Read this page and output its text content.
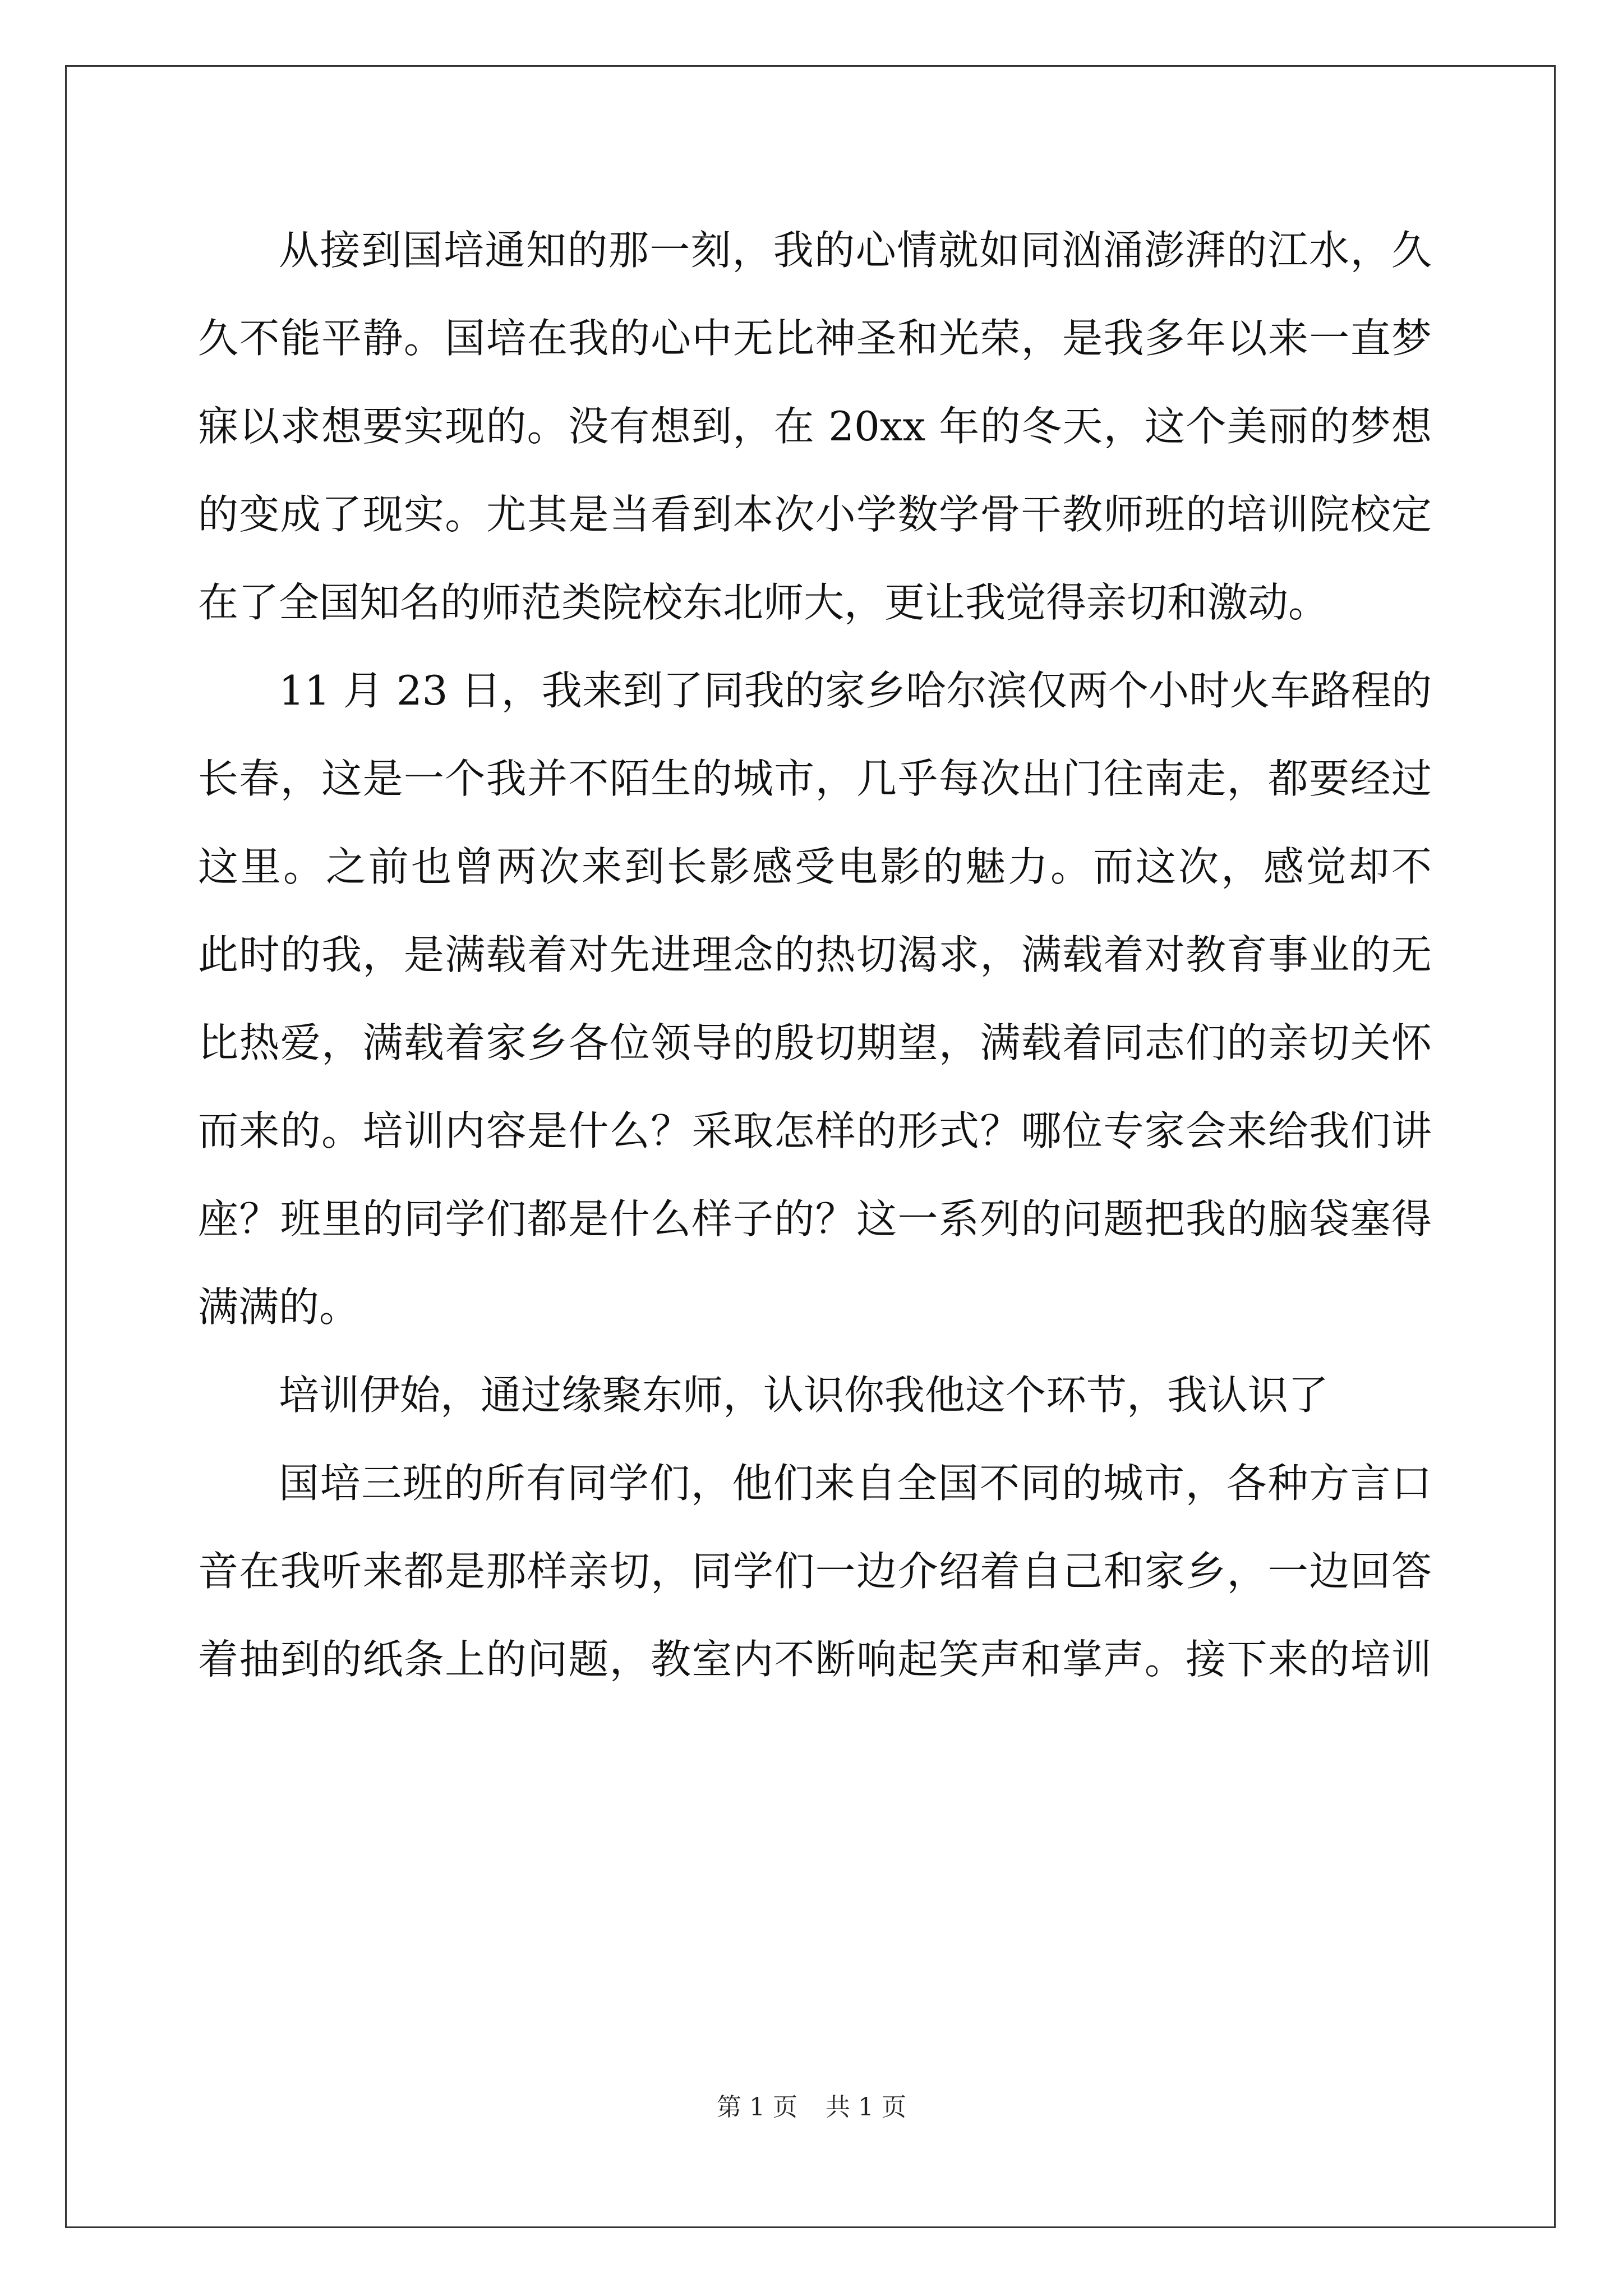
从接到国培通知的那一刻，我的心情就如同汹涌澎湃的江水，久
久不能平静。国培在我的心中无比神圣和光荣，是我多年以来一直梦
寐以求想要实现的。没有想到，在 20xx 年的冬天，这个美丽的梦想
的变成了现实。尤其是当看到本次小学数学骨干教师班的培训院校定
在了全国知名的师范类院校东北师大，更让我觉得亲切和激动。
11 月 23 日，我来到了同我的家乡哈尔滨仅两个小时火车路程的
长春，这是一个我并不陌生的城市，几乎每次出门往南走，都要经过
这里。之前也曾两次来到长影感受电影的魅力。而这次，感觉却不
此时的我，是满载着对先进理念的热切渴求，满载着对教育事业的无
比热爱，满载着家乡各位领导的殷切期望，满载着同志们的亲切关怀
而来的。培训内容是什么？采取怎样的形式？哪位专家会来给我们讲
座？班里的同学们都是什么样子的？这一系列的问题把我的脑袋塞得
满满的。
培训伊始，通过缘聚东师，认识你我他这个环节，我认识了
国培三班的所有同学们，他们来自全国不同的城市，各种方言口
音在我听来都是那样亲切，同学们一边介绍着自己和家乡，一边回答
着抽到的纸条上的问题，教室内不断响起笑声和掌声。接下来的培训
第 1 页 共 1 页
